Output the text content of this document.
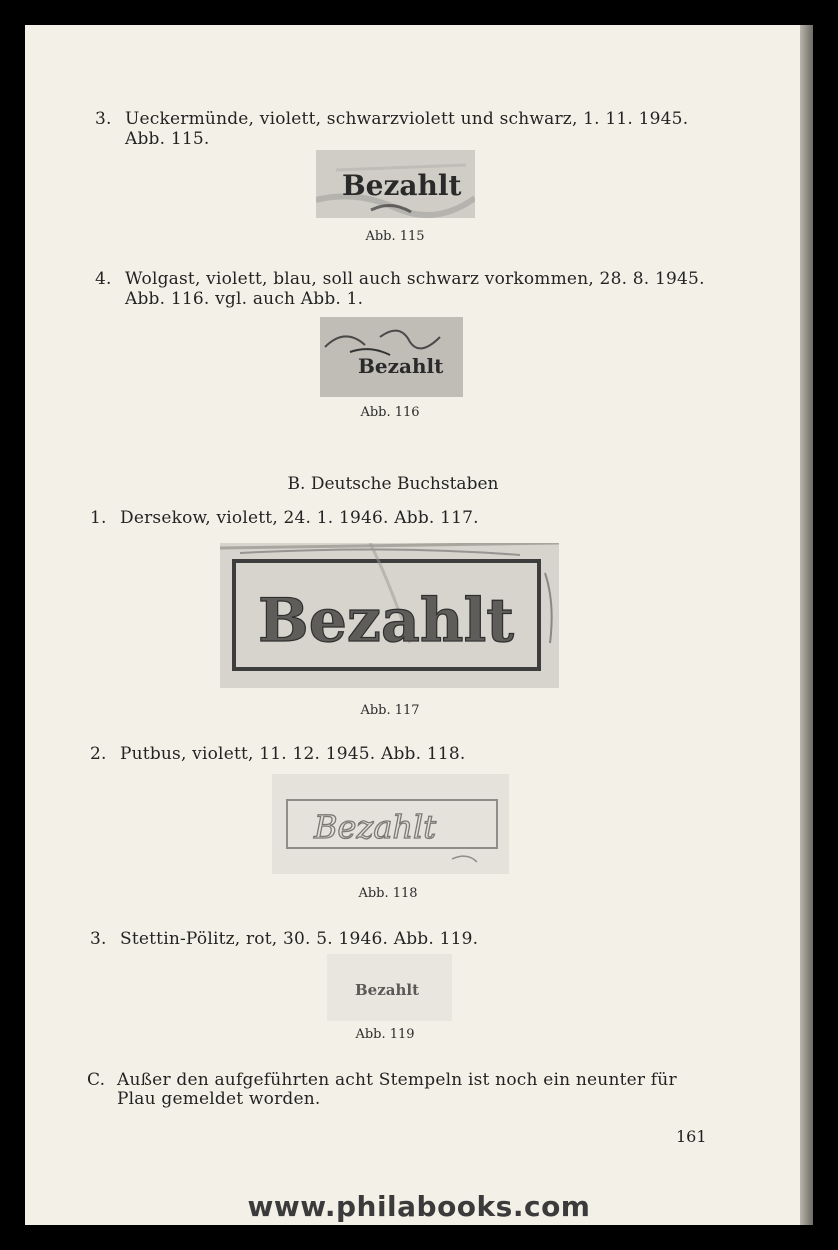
3. Ueckermünde, violett, schwarzviolett und schwarz, 1. 11. 1945.
Abb. 115.
Bezahlt
Abb. 115
4. Wolgast, violett, blau, soll auch schwarz vorkommen, 28. 8. 1945.
Abb. 116. vgl. auch Abb. 1.
Bezahlt
Abb. 116
B. Deutsche Buchstaben
1. Dersekow, violett, 24. 1. 1946. Abb. 117.
Bezahlt
Abb. 117
2. Putbus, violett, 11. 12. 1945. Abb. 118.
Bezahlt
Abb. 118
3. Stettin-Pölitz, rot, 30. 5. 1946. Abb. 119.
Bezahlt
Abb. 119
C. Außer den aufgeführten acht Stempeln ist noch ein neunter für
Plau gemeldet worden.
161
www.philabooks.com
